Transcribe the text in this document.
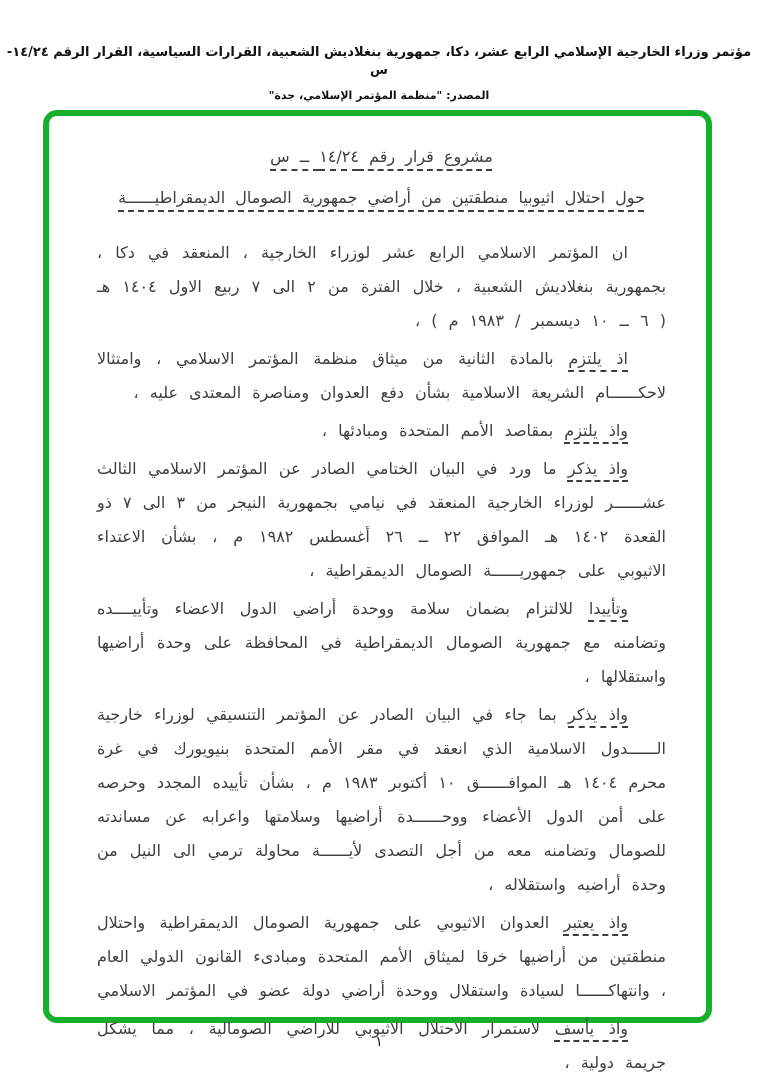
مؤتمر وزراء الخارجية الإسلامي الرابع عشر، دكا، جمهورية بنغلاديش الشعبية، القرارات السياسية، القرار الرقم ١٤/٢٤- س
المصدر: "منظمة المؤتمر الإسلامي، جدة"
مشروع قرار رقم ١٤/٢٤ ــ س
حول احتلال اثيوبيا منطقتين من أراضي جمهورية الصومال الديمقراطيــــــة

ان المؤتمر الاسلامي الرابع عشر لوزراء الخارجية ، المنعقد في دكا ، بجمهورية بنغلاديش الشعبية ، خلال الفترة من ٢ الى ٧ ربيع الاول ١٤٠٤ هـ ( ٦ ــ ١٠ ديسمبر / ١٩٨٣ م ) ،

اذ يلتزم بالمادة الثانية من ميثاق منظمة المؤتمر الاسلامي ، وامتثالا لاحكــــــام الشريعة الاسلامية بشأن دفع العدوان ومناصرة المعتدى عليه ،

واذ يلتزم بمقاصد الأمم المتحدة ومبادئها ،

واذ يذكر ما ورد في البيان الختامي الصادر عن المؤتمر الاسلامي الثالث عشــــــر لوزراء الخارجية المنعقد في نيامي بجمهورية النيجر من ٣ الى ٧ ذو القعدة ١٤٠٢ هـ الموافق ٢٢ ــ ٢٦ أغسطس ١٩٨٢ م ، بشأن الاعتداء الاثيوبي على جمهوريــــــة الصومال الديمقراطية ،

وتأييدا للالتزام بضمان سلامة ووحدة أراضي الدول الاعضاء وتأييــــده وتضامنه مع جمهورية الصومال الديمقراطية في المحافظة على وحدة أراضيها واستقلالها ،

واذ يذكر بما جاء في البيان الصادر عن المؤتمر التنسيقي لوزراء خارجية الــــــدول الاسلامية الذي انعقد في مقر الأمم المتحدة بنيويورك في غرة محرم ١٤٠٤ هـ الموافــــــق ١٠ أكتوبر ١٩٨٣ م ، بشأن تأييده المجدد وحرصه على أمن الدول الأعضاء ووحــــــدة أراضيها وسلامتها واعرابه عن مساندته للصومال وتضامنه معه من أجل التصدى لأيــــــة محاولة ترمي الى النيل من وحدة أراضيه واستقلاله ،

واذ يعتبر العدوان الاثيوبي على جمهورية الصومال الديمقراطية واحتلال منطقتين من أراضيها خرقا لميثاق الأمم المتحدة ومبادىء القانون الدولي العام ، وانتهاكــــــا لسيادة واستقلال ووحدة أراضي دولة عضو في المؤتمر الاسلامي

واذ يأسف لاستمرار الاحتلال الاثيوبي للاراضي الصومالية ، مما يشكل جريمة دولية ،

١
